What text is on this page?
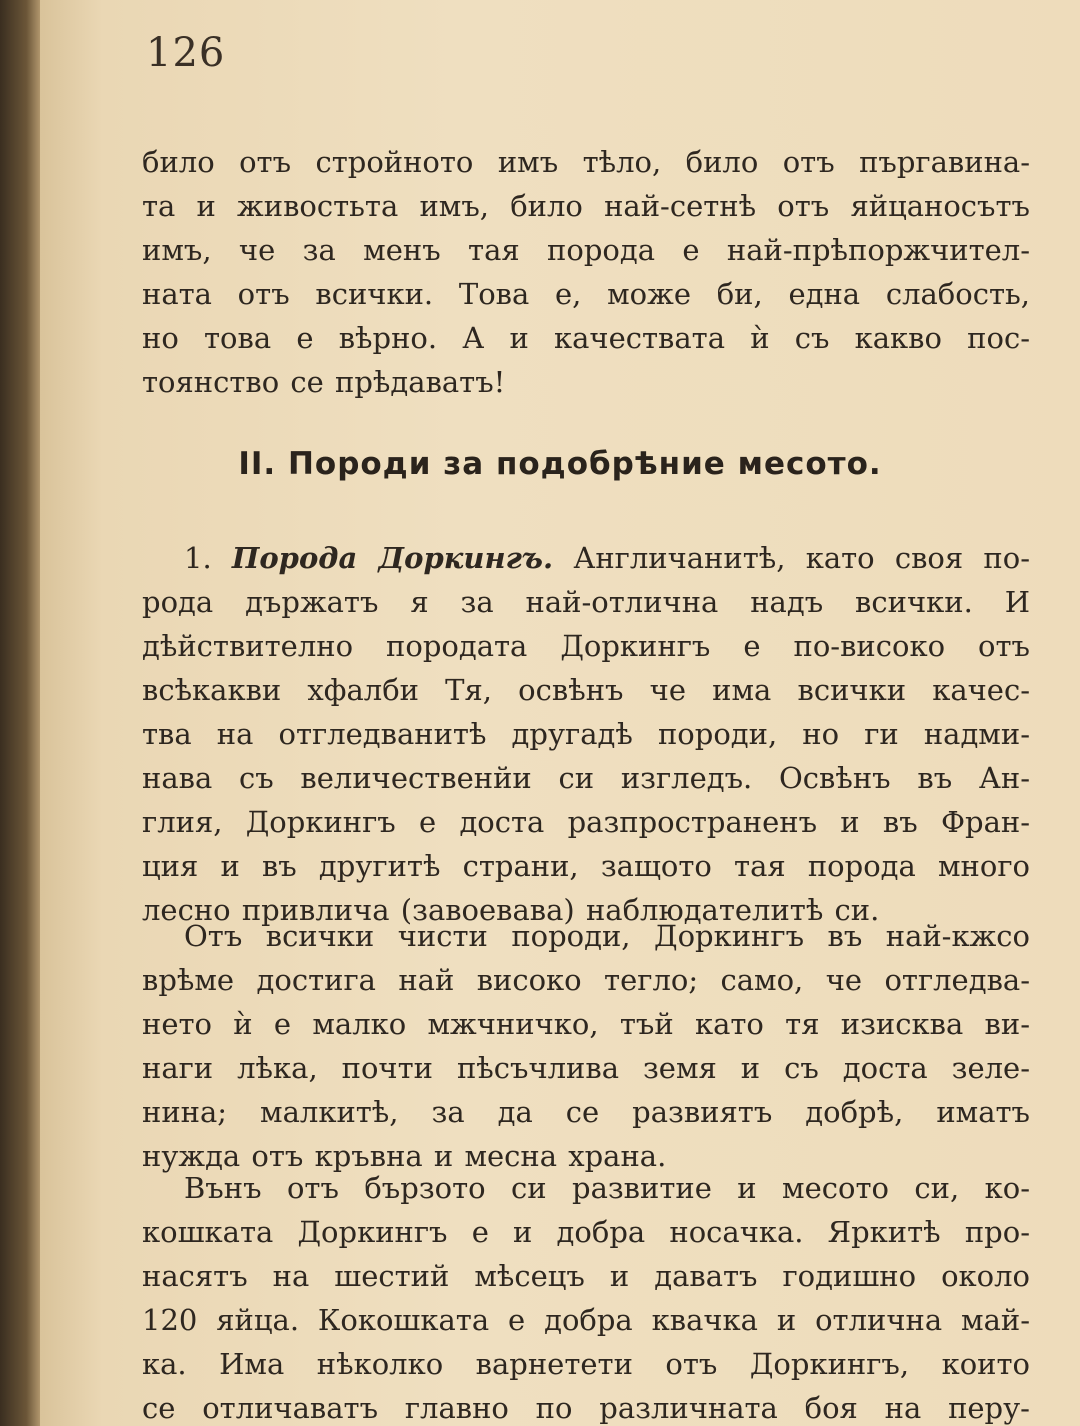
126
било отъ стройното имъ тѣло, било отъ пъргавина-
та и живостьта имъ, било най-сетнѣ отъ яйцаносътъ
имъ, че за менъ тая порода е най-прѣпоржчител-
ната отъ всички. Това е, може би, една слабость,
но това е вѣрно. А и качествата ѝ съ какво пос-
тоянство се прѣдаватъ!
II. Породи за подобрѣние месото.
1. Порода Доркингъ. Англичанитѣ, като своя по-
рода държатъ я за най-отлична надъ всички. И
дѣйствително породата Доркингъ е по-високо отъ
всѣкакви хфалби Тя, освѣнъ че има всички качес-
тва на отгледванитѣ другадѣ породи, но ги надми-
нава съ величественйи си изгледъ. Освѣнъ въ Ан-
глия, Доркингъ е доста разпространенъ и въ Фран-
ция и въ другитѣ страни, защото тая порода много
лесно привлича (завоевава) наблюдателитѣ си.
Отъ всички чисти породи, Доркингъ въ най-кжсо
врѣме достига най високо тегло; само, че отгледва-
нето ѝ е малко мжчничко, тъй като тя изисква ви-
наги лѣка, почти пѣсъчлива земя и съ доста зеле-
нина; малкитѣ, за да се развиятъ добрѣ, иматъ
нужда отъ кръвна и месна храна.
Вънъ отъ бързото си развитие и месото си, ко-
кошката Доркингъ е и добра носачка. Яркитѣ про-
насятъ на шестий мѣсецъ и даватъ годишно около
120 яйца. Кокошката е добра квачка и отлична май-
ка. Има нѣколко варнетети отъ Доркингъ, които
се отличаватъ главно по различната боя на перу-
